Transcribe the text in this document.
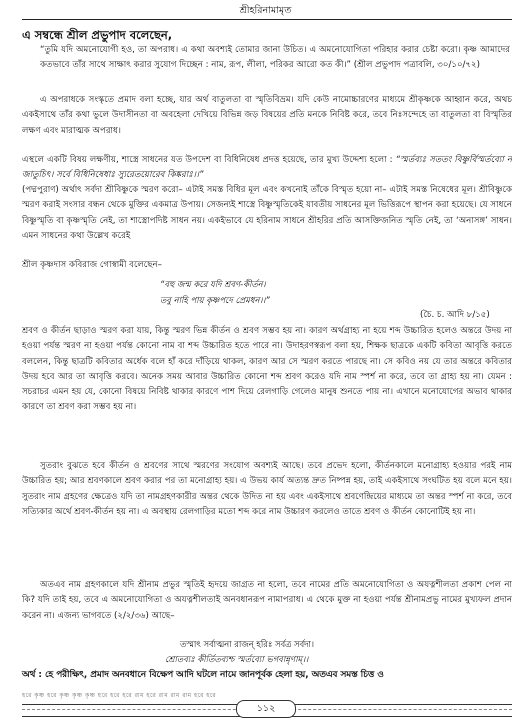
শ্রীহরিনামামৃত
এ সম্বন্ধে শ্রীল প্রভুপাদ বলেছেন,
“তুমি যদি অমনোযোগী হও, তা অপরাধ। এ কথা অবশ্যই তোমার জানা উচিত। এ অমনোযোগিতা পরিহার করার চেষ্টা করো। কৃষ্ণ আমাদের কতভাবে তাঁর সাথে সাক্ষাৎ করার সুযোগ দিচ্ছেন : নাম, রূপ, লীলা, পরিকর আরো কত কী।” (শ্রীল প্রভুপাদ পত্রাবলি, ৩০/১০/৭২)
এ অপরাধকে সংস্কৃতে প্রমাদ বলা হচ্ছে, যার অর্থ বাতুলতা বা স্মৃতিবিভ্রম। যদি কেউ নামোচ্চারণের মাধ্যমে শ্রীকৃষ্ণকে আহ্বান করে, অথচ একইসাথে তাঁর কথা ভুলে উদাসীনতা বা অবহেলা দেখিয়ে বিভিন্ন জড় বিষয়ের প্রতি মনকে নিবিষ্ট করে, তবে নিঃসন্দেহে তা বাতুলতা বা বিস্মৃতির লক্ষণ এবং মারাত্মক অপরাধ।
এস্থলে একটি বিষয় লক্ষণীয়, শাস্ত্রে সাধনের যত উপদেশ বা বিধিনিষেধ প্রদত্ত হয়েছে, তার মুখ্য উদ্দেশ্য হলো : “স্মর্তব্যঃ সততং বিষ্ণুর্বিস্মর্তব্যো ন জাতুচিৎ। সর্বে বিধিনিষেধাঃ স্যুরেতয়োরেব কিঙ্করাঃ।।”
(পদ্মপুরাণ) অর্থাৎ সর্বদা শ্রীবিষ্ণুকে স্মরণ করো– এটাই সমস্ত বিধির মূল এবং কখনোই তাঁকে বিস্মৃত হয়ো না– এটাই সমস্ত নিষেধের মূল। শ্রীবিষ্ণুকে স্মরণ করাই সংসার বন্ধন থেকে মুক্তির একমাত্র উপায়। সেজন্যই শাস্ত্রে বিষ্ণুস্মৃতিকেই যাবতীয় সাধনের মূল ভিত্তিরূপে স্থাপন করা হয়েছে। যে সাধনে বিষ্ণুস্মৃতি বা কৃষ্ণস্মৃতি নেই, তা শাস্ত্রোপদিষ্ট সাধন নয়। একইভাবে যে হরিনাম সাধনে শ্রীহরির প্রতি আসক্তিজনিত স্মৃতি নেই, তা ‘অনাসঙ্গ’ সাধন। এমন সাধনের কথা উল্লেখ করেই
শ্রীল কৃষ্ণদাস কবিরাজ গোস্বামী বলেছেন–
“বহু জন্ম করে যদি শ্রবণ-কীর্তন।
তবু নাহি পায় কৃষ্ণপদে প্রেমধন।।”
(চৈ. চ. আদি ৮/১৫)
শ্রবণ ও কীর্তন ছাড়াও স্মরণ করা যায়, কিন্তু স্মরণ ভিন্ন কীর্তন ও শ্রবণ সম্ভব হয় না। কারণ অর্থগ্রাহ্য না হয়ে শব্দ উচ্চারিত হলেও অন্তরে উদয় না হওয়া পর্যন্ত স্মরণ না হওয়া পর্যন্ত কোনো নাম বা শব্দ উচ্চারিত হতে পারে না। উদাহরণস্বরূপ বলা হয়, শিক্ষক ছাত্রকে একটি কবিতা আবৃত্তি করতে বললেন, কিন্তু ছাত্রটি কবিতার অর্ধেক বলে হাঁ করে দাঁড়িয়ে থাকল, কারণ আর সে স্মরণ করতে পারছে না। সে কবিও নয় যে তার অন্তরে কবিতার উদয় হবে আর তা আবৃত্তি করবে। অনেক সময় আবার উচ্চারিত কোনো শব্দ শ্রবণ করেও যদি নাম স্পর্শ না করে, তবে তা গ্রাহ্য হয় না। যেমন : সচরাচর এমন হয় যে, কোনো বিষয়ে নিবিষ্ট থাকার কারণে পাশ দিয়ে রেলগাড়ি গেলেও মানুষ শুনতে পায় না। এখানে মনোযোগের অভাব থাকার কারণে তা শ্রবণ করা সম্ভব হয় না।
সুতরাং বুঝতে হবে কীর্তন ও শ্রবণের সাথে স্মরণের সংযোগ অবশ্যই আছে। তবে প্রভেদ হলো, কীর্তনকালে মনোগ্রাহ্য হওয়ার পরই নাম উচ্চারিত হয়; আর শ্রবণকালে শ্রবণ করার পর তা মনোগ্রাহ্য হয়। এ উভয় কার্য অত্যন্ত দ্রুত নিষ্পন্ন হয়, তাই একইসাথে সংঘটিত হয় বলে মনে হয়। সুতরাং নাম গ্রহণের ক্ষেত্রেও যদি তা নামগ্রহণকারীর অন্তর থেকে উদিত না হয় এবং একইসাথে শ্রবণেন্দ্রিয়ের মাধ্যমে তা অন্তর স্পর্শ না করে, তবে সত্যিকার অর্থে শ্রবণ-কীর্তন হয় না। এ অবস্থায় রেলগাড়ির মতো শব্দ করে নাম উচ্চারণ করলেও তাতে শ্রবণ ও কীর্তন কোনোটিই হয় না।
অতএব নাম গ্রহণকালে যদি শ্রীনাম প্রভুর স্মৃতিই হৃদয়ে জাগ্রত না হলো, তবে নামের প্রতি অমনোযোগিতা ও অযত্নশীলতা প্রকাশ পেল না কি? যদি তাই হয়, তবে এ অমনোযোগিতা ও অযত্নশীলতাই অনবধানরূপ নামাপরাধ। এ থেকে মুক্ত না হওয়া পর্যন্ত শ্রীনামপ্রভু নামের মুখ্যফল প্রদান করেন না। এজন্য ভাগবতে (২/২/৩৬) আছে–
তস্মাৎ সর্বাত্মনা রাজন্ হরিঃ সর্বত্র সর্বদা।
শ্রোতব্যঃ কীর্তিতব্যশ্চ স্মর্তব্যো ভগবান্নৃণাম্।।
অর্থ : হে পরীক্ষিৎ, প্রমাদ অনবধানে বিক্ষেপ আদি ঘটলে নামে জানপূর্বক হেলা হয়, অতএব সমস্ত চিত্ত ও
হরে কৃষ্ণ হরে কৃষ্ণ কৃষ্ণ কৃষ্ণ হরে হরে হরে রাম হরে রাম রাম রাম হরে হরে
১১২
